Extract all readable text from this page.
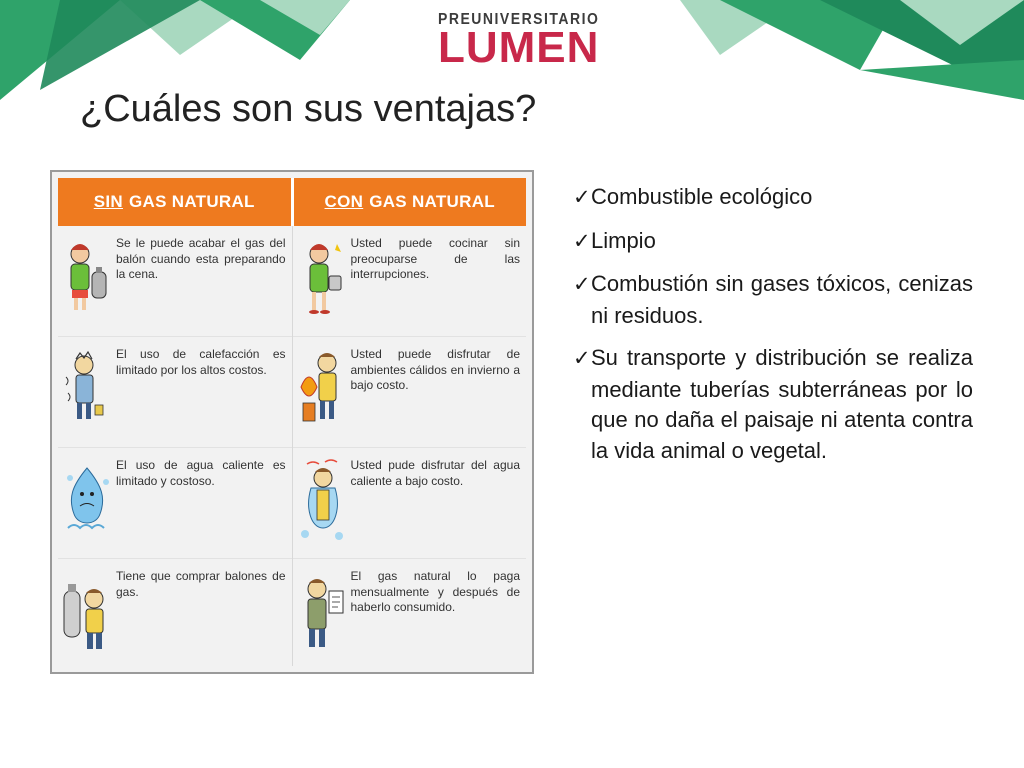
PREUNIVERSITARIO
LUMEN
¿Cuáles son sus ventajas?
SIN GAS NATURAL	CON GAS NATURAL
Se le puede acabar el gas del balón cuando esta preparando la cena.
El uso de calefacción es limitado por los altos costos.
El uso de agua caliente es limitado y costoso.
Tiene que comprar balones de gas.
Usted puede cocinar sin preocuparse de las interrupciones.
Usted puede disfrutar de ambientes cálidos en invierno a bajo costo.
Usted pude disfrutar del agua caliente a bajo costo.
El gas natural lo paga mensualmente y después de haberlo consumido.
✓Combustible ecológico
✓Limpio
✓Combustión sin gases tóxicos, cenizas ni residuos.
✓Su transporte y distribución se realiza mediante tuberías subterráneas por lo que no daña el paisaje ni atenta contra la vida animal o vegetal.
